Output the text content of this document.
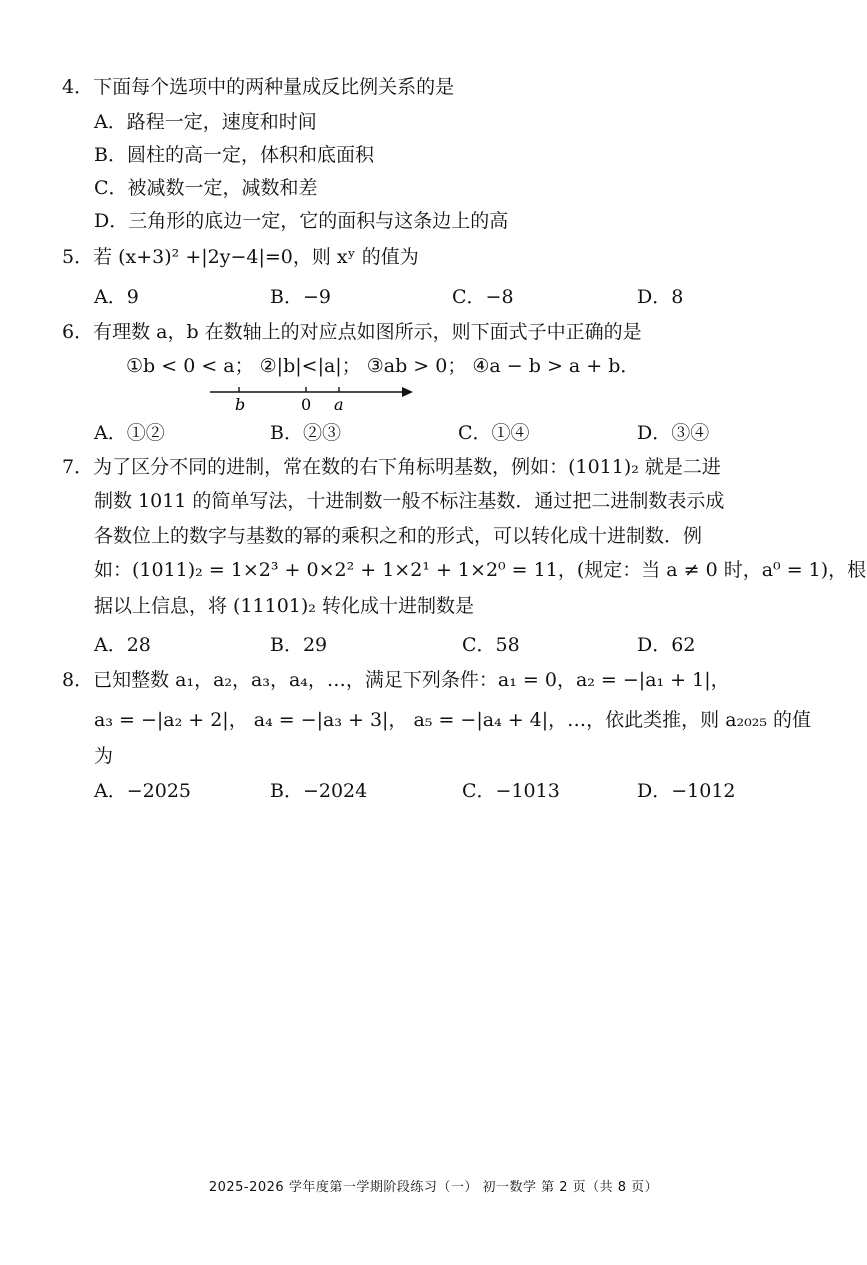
4．下面每个选项中的两种量成反比例关系的是
A．路程一定，速度和时间
B．圆柱的高一定，体积和底面积
C．被减数一定，减数和差
D．三角形的底边一定，它的面积与这条边上的高
5．若 (x+3)² +|2y−4|=0，则 xʸ 的值为
A．9	B．−9	C．−8	D．8
6．有理数 a，b 在数轴上的对应点如图所示，则下面式子中正确的是
①b < 0 < a； ②|b|<|a|； ③ab > 0； ④a − b > a + b．
b	0 a
A．①②	B．②③	C．①④	D．③④
7．为了区分不同的进制，常在数的右下角标明基数，例如：(1011)₂ 就是二进
制数 1011 的简单写法，十进制数一般不标注基数．通过把二进制数表示成
各数位上的数字与基数的幂的乘积之和的形式，可以转化成十进制数．例
如：(1011)₂ = 1×2³ + 0×2² + 1×2¹ + 1×2⁰ = 11，(规定：当 a ≠ 0 时，a⁰ = 1)，根
据以上信息，将 (11101)₂ 转化成十进制数是
A．28	B．29	C．58	D．62
8．已知整数 a₁，a₂，a₃，a₄，…，满足下列条件：a₁ = 0，a₂ = −|a₁ + 1|，
a₃ = −|a₂ + 2|， a₄ = −|a₃ + 3|， a₅ = −|a₄ + 4|，…，依此类推，则 a₂₀₂₅ 的值
为
A．−2025	B．−2024	C．−1013	D．−1012
2025-2026 学年度第一学期阶段练习（一） 初一数学 第 2 页（共 8 页）
